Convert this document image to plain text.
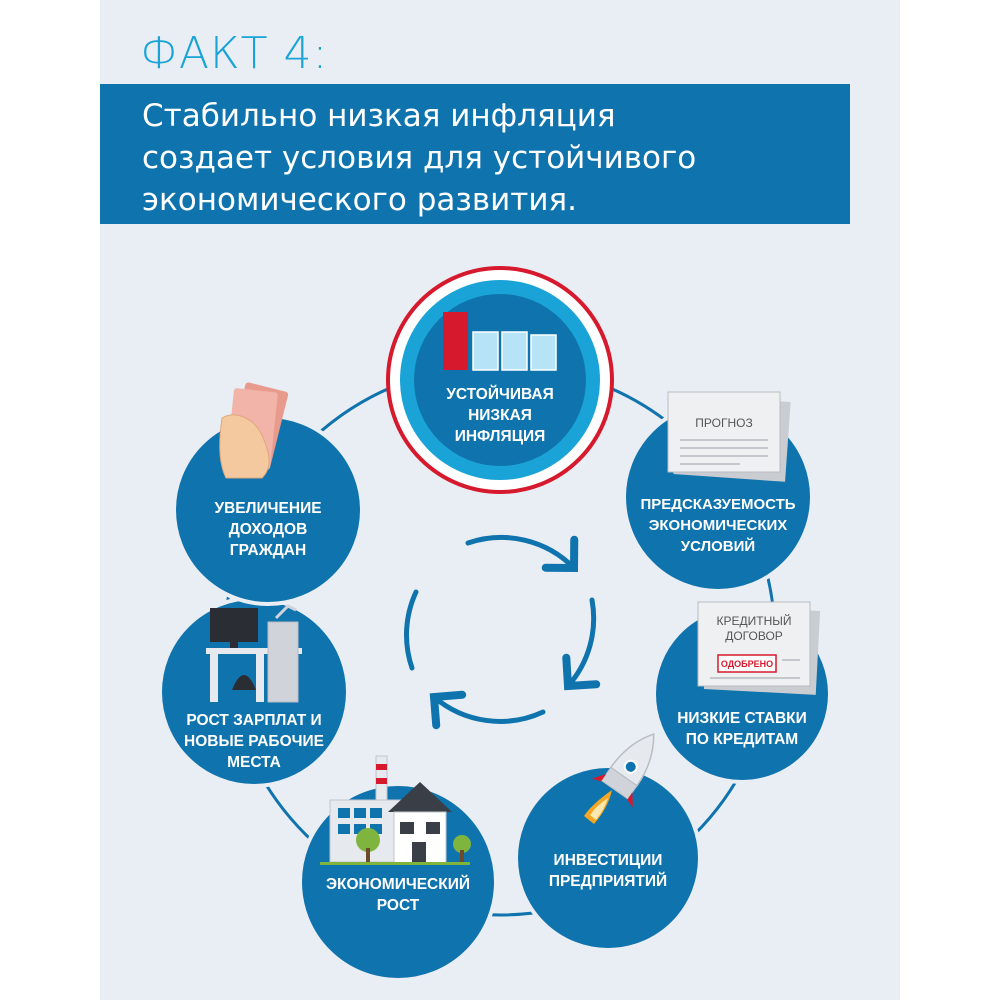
ФАКТ 4:
Стабильно низкая инфляция
создает условия для устойчивого
экономического развития.
ПРОГНОЗ
КРЕДИТНЫЙ
ДОГОВОР
ОДОБРЕНО
УСТОЙЧИВАЯ
НИЗКАЯ
ИНФЛЯЦИЯ
ПРЕДСКАЗУЕМОСТЬ
ЭКОНОМИЧЕСКИХ
УСЛОВИЙ
НИЗКИЕ СТАВКИ
ПО КРЕДИТАМ
ИНВЕСТИЦИИ
ПРЕДПРИЯТИЙ
ЭКОНОМИЧЕСКИЙ
РОСТ
РОСТ ЗАРПЛАТ И
НОВЫЕ РАБОЧИЕ
МЕСТА
УВЕЛИЧЕНИЕ
ДОХОДОВ
ГРАЖДАН
